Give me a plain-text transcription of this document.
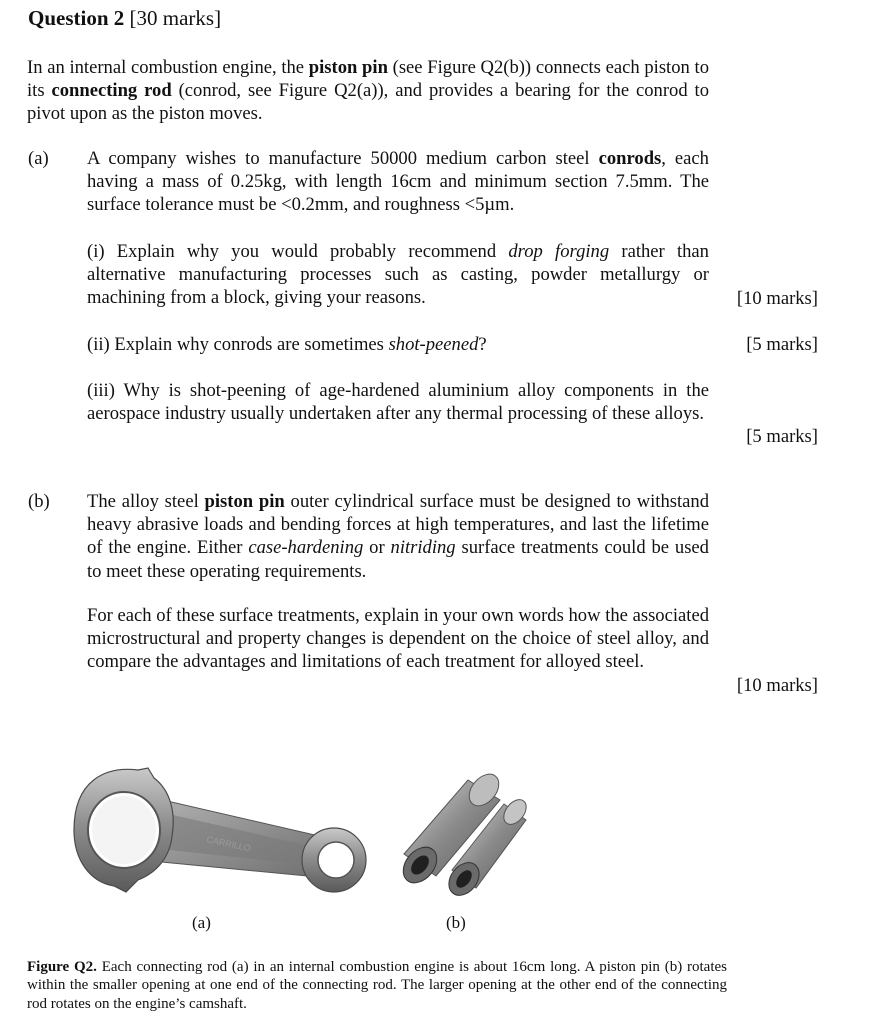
Question 2 [30 marks]
In an internal combustion engine, the piston pin (see Figure Q2(b)) connects each piston to its connecting rod (conrod, see Figure Q2(a)), and provides a bearing for the conrod to pivot upon as the piston moves.
(a) A company wishes to manufacture 50000 medium carbon steel conrods, each having a mass of 0.25kg, with length 16cm and minimum section 7.5mm. The surface tolerance must be <0.2mm, and roughness <5µm.
(i) Explain why you would probably recommend drop forging rather than alternative manufacturing processes such as casting, powder metallurgy or machining from a block, giving your reasons.	[10 marks]
(ii) Explain why conrods are sometimes shot-peened?	[5 marks]
(iii) Why is shot-peening of age-hardened aluminium alloy components in the aerospace industry usually undertaken after any thermal processing of these alloys.
[5 marks]
(b) The alloy steel piston pin outer cylindrical surface must be designed to withstand heavy abrasive loads and bending forces at high temperatures, and last the lifetime of the engine. Either case-hardening or nitriding surface treatments could be used to meet these operating requirements.
For each of these surface treatments, explain in your own words how the associated microstructural and property changes is dependent on the choice of steel alloy, and compare the advantages and limitations of each treatment for alloyed steel.
[10 marks]
CARRILLO
(a)	(b)
Figure Q2. Each connecting rod (a) in an internal combustion engine is about 16cm long. A piston pin (b) rotates within the smaller opening at one end of the connecting rod. The larger opening at the other end of the connecting rod rotates on the engine’s camshaft.
